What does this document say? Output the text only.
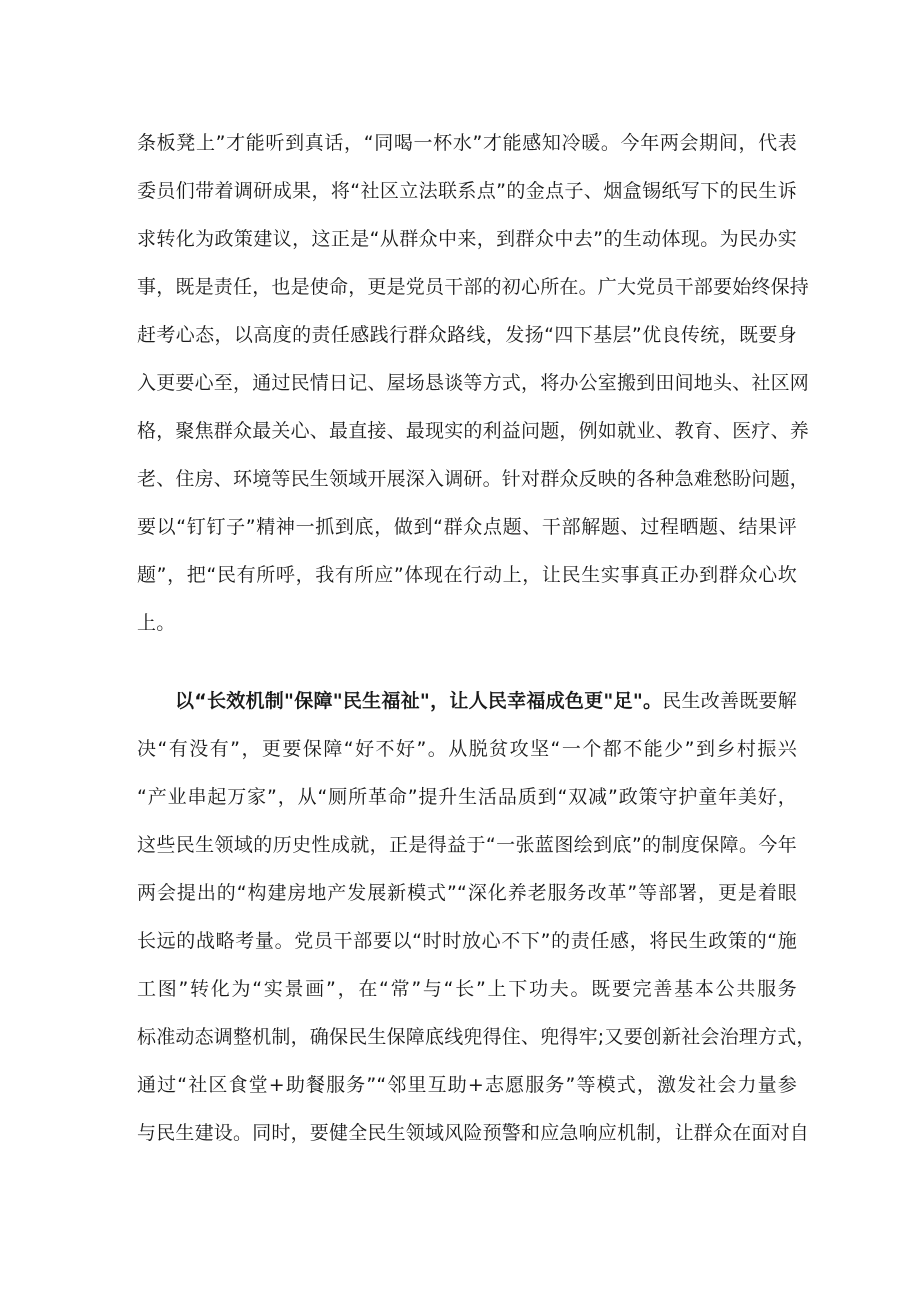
条板凳上”才能听到真话，“同喝一杯水”才能感知冷暖。今年两会期间，代表
委员们带着调研成果，将“社区立法联系点”的金点子、烟盒锡纸写下的民生诉
求转化为政策建议，这正是“从群众中来，到群众中去”的生动体现。为民办实
事，既是责任，也是使命，更是党员干部的初心所在。广大党员干部要始终保持
赶考心态，以高度的责任感践行群众路线，发扬“四下基层”优良传统，既要身
入更要心至，通过民情日记、屋场恳谈等方式，将办公室搬到田间地头、社区网
格，聚焦群众最关心、最直接、最现实的利益问题，例如就业、教育、医疗、养
老、住房、环境等民生领域开展深入调研。针对群众反映的各种急难愁盼问题，
要以“钉钉子”精神一抓到底，做到“群众点题、干部解题、过程晒题、结果评
题”，把“民有所呼，我有所应”体现在行动上，让民生实事真正办到群众心坎
上。
以“长效机制"保障"民生福祉"，让人民幸福成色更"足"。民生改善既要解
决“有没有”，更要保障“好不好”。从脱贫攻坚“一个都不能少”到乡村振兴
“产业串起万家”，从“厕所革命”提升生活品质到“双减”政策守护童年美好，
这些民生领域的历史性成就，正是得益于“一张蓝图绘到底”的制度保障。今年
两会提出的“构建房地产发展新模式”“深化养老服务改革”等部署，更是着眼
长远的战略考量。党员干部要以“时时放心不下”的责任感，将民生政策的“施
工图”转化为“实景画”，在“常”与“长”上下功夫。既要完善基本公共服务
标准动态调整机制，确保民生保障底线兜得住、兜得牢;又要创新社会治理方式，
通过“社区食堂+助餐服务”“邻里互助+志愿服务”等模式，激发社会力量参
与民生建设。同时，要健全民生领域风险预警和应急响应机制，让群众在面对自
